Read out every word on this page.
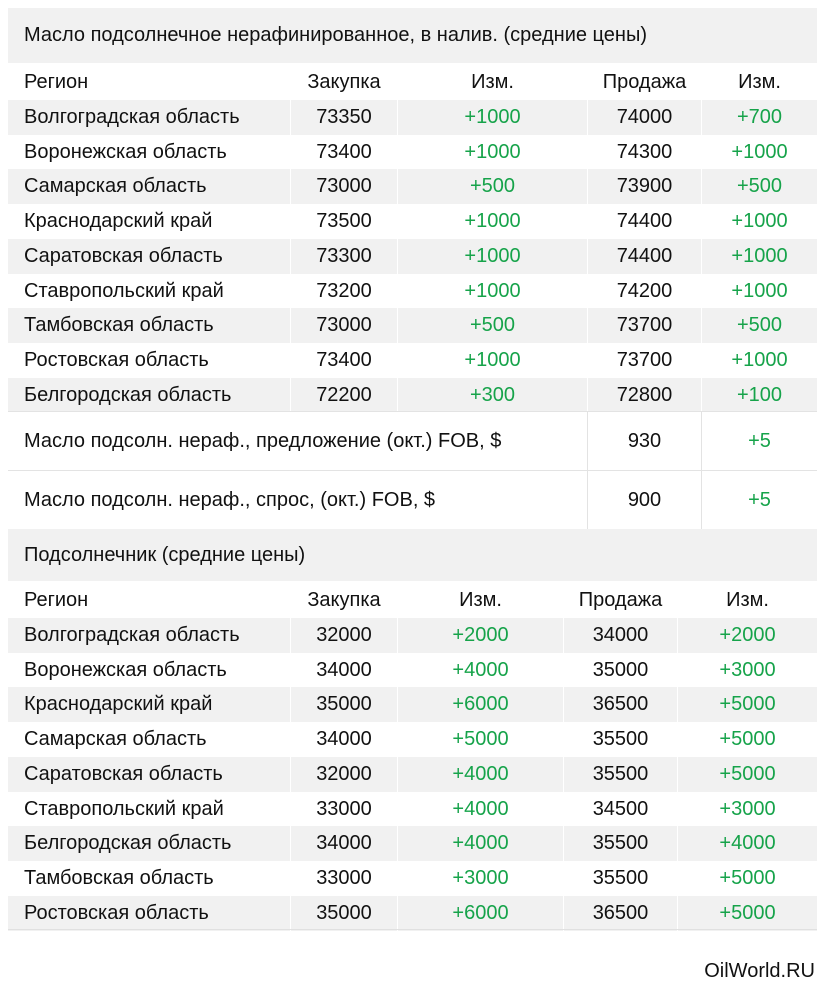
Масло подсолнечное нерафинированное, в налив. (средние цены)
Регион	Закупка	Изм.	Продажа	Изм.
Волгоградская область	73350	+1000	74000	+700
Воронежская область	73400	+1000	74300	+1000
Самарская область	73000	+500	73900	+500
Краснодарский край	73500	+1000	74400	+1000
Саратовская область	73300	+1000	74400	+1000
Ставропольский край	73200	+1000	74200	+1000
Тамбовская область	73000	+500	73700	+500
Ростовская область	73400	+1000	73700	+1000
Белгородская область	72200	+300	72800	+100
Масло подсолн. нераф., предложение (окт.) FOB, $	930	+5
Масло подсолн. нераф., спрос, (окт.) FOB, $	900	+5
Подсолнечник (средние цены)
Регион	Закупка	Изм.	Продажа	Изм.
Волгоградская область	32000	+2000	34000	+2000
Воронежская область	34000	+4000	35000	+3000
Краснодарский край	35000	+6000	36500	+5000
Самарская область	34000	+5000	35500	+5000
Саратовская область	32000	+4000	35500	+5000
Ставропольский край	33000	+4000	34500	+3000
Белгородская область	34000	+4000	35500	+4000
Тамбовская область	33000	+3000	35500	+5000
Ростовская область	35000	+6000	36500	+5000
OilWorld.RU
